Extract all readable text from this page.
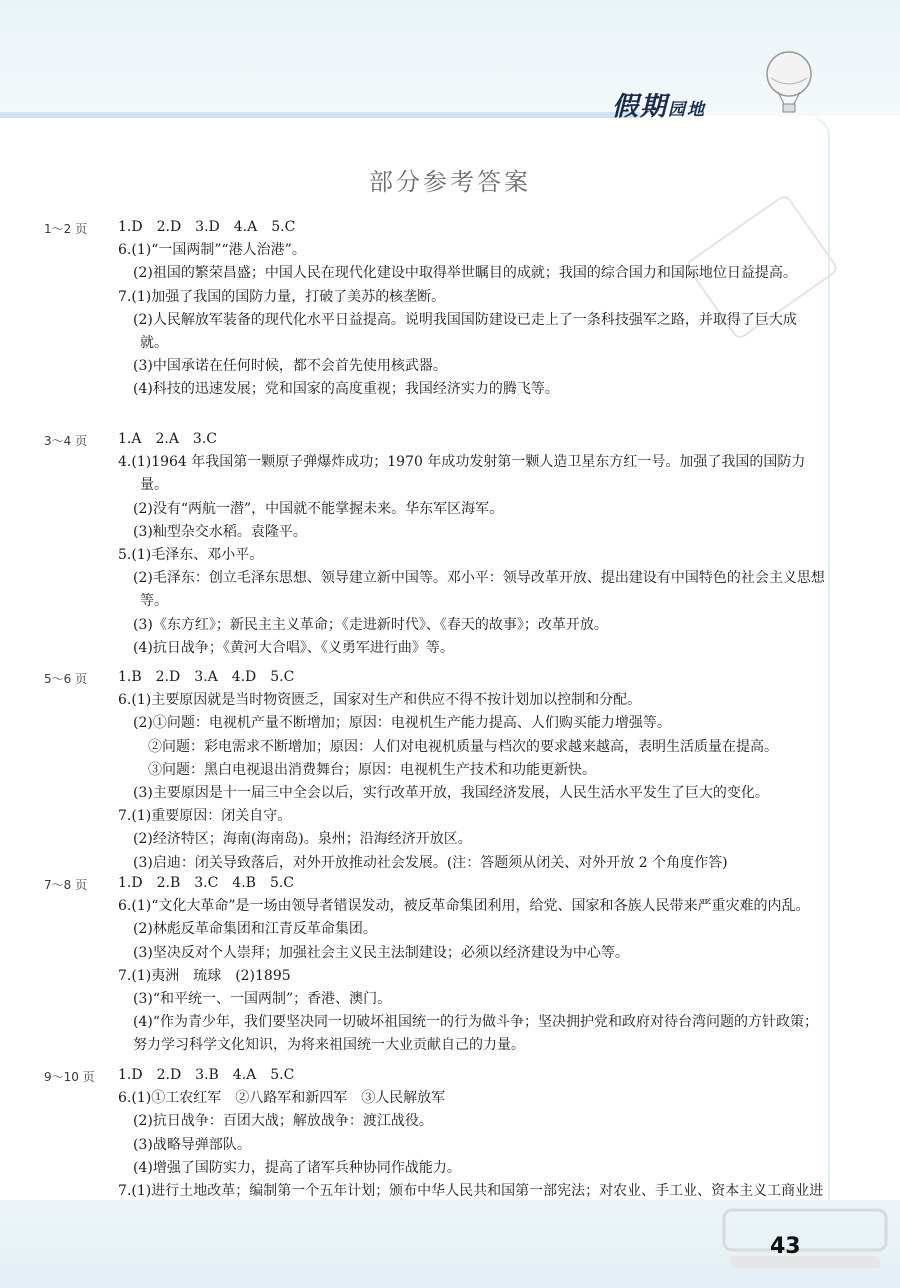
假期园地
部分参考答案
1～2 页 1.D　2.D　3.D　4.A　5.C
6.(1)“一国两制”“港人治港”。
(2)祖国的繁荣昌盛；中国人民在现代化建设中取得举世瞩目的成就；我国的综合国力和国际地位日益提高。
7.(1)加强了我国的国防力量，打破了美苏的核垄断。
(2)人民解放军装备的现代化水平日益提高。说明我国国防建设已走上了一条科技强军之路，并取得了巨大成
就。
(3)中国承诺在任何时候，都不会首先使用核武器。
(4)科技的迅速发展；党和国家的高度重视；我国经济实力的腾飞等。
3～4 页 1.A　2.A　3.C
4.(1)1964 年我国第一颗原子弹爆炸成功；1970 年成功发射第一颗人造卫星东方红一号。加强了我国的国防力
量。
(2)没有“两航一潜”，中国就不能掌握未来。华东军区海军。
(3)籼型杂交水稻。袁隆平。
5.(1)毛泽东、邓小平。
(2)毛泽东：创立毛泽东思想、领导建立新中国等。邓小平：领导改革开放、提出建设有中国特色的社会主义思想
等。
(3)《东方红》；新民主主义革命；《走进新时代》、《春天的故事》；改革开放。
(4)抗日战争；《黄河大合唱》、《义勇军进行曲》等。
5～6 页 1.B　2.D　3.A　4.D　5.C
6.(1)主要原因就是当时物资匮乏，国家对生产和供应不得不按计划加以控制和分配。
(2)①问题：电视机产量不断增加；原因：电视机生产能力提高、人们购买能力增强等。
②问题：彩电需求不断增加；原因：人们对电视机质量与档次的要求越来越高，表明生活质量在提高。
③问题：黑白电视退出消费舞台；原因：电视机生产技术和功能更新快。
(3)主要原因是十一届三中全会以后，实行改革开放，我国经济发展，人民生活水平发生了巨大的变化。
7.(1)重要原因：闭关自守。
(2)经济特区；海南(海南岛)。泉州；沿海经济开放区。
(3)启迪：闭关导致落后，对外开放推动社会发展。(注：答题须从闭关、对外开放 2 个角度作答)
7～8 页 1.D　2.B　3.C　4.B　5.C
6.(1)“文化大革命”是一场由领导者错误发动，被反革命集团利用，给党、国家和各族人民带来严重灾难的内乱。
(2)林彪反革命集团和江青反革命集团。
(3)坚决反对个人崇拜；加强社会主义民主法制建设；必须以经济建设为中心等。
7.(1)夷洲　琉球　(2)1895
(3)“和平统一、一国两制”；香港、澳门。
(4)“作为青少年，我们要坚决同一切破坏祖国统一的行为做斗争；坚决拥护党和政府对待台湾问题的方针政策；
努力学习科学文化知识，为将来祖国统一大业贡献自己的力量。
9～10 页 1.D　2.D　3.B　4.A　5.C
6.(1)①工农红军　②八路军和新四军　③人民解放军
(2)抗日战争：百团大战；解放战争：渡江战役。
(3)战略导弹部队。
(4)增强了国防实力，提高了诸军兵种协同作战能力。
7.(1)进行土地改革；编制第一个五年计划；颁布中华人民共和国第一部宪法；对农业、手工业、资本主义工商业进
43
